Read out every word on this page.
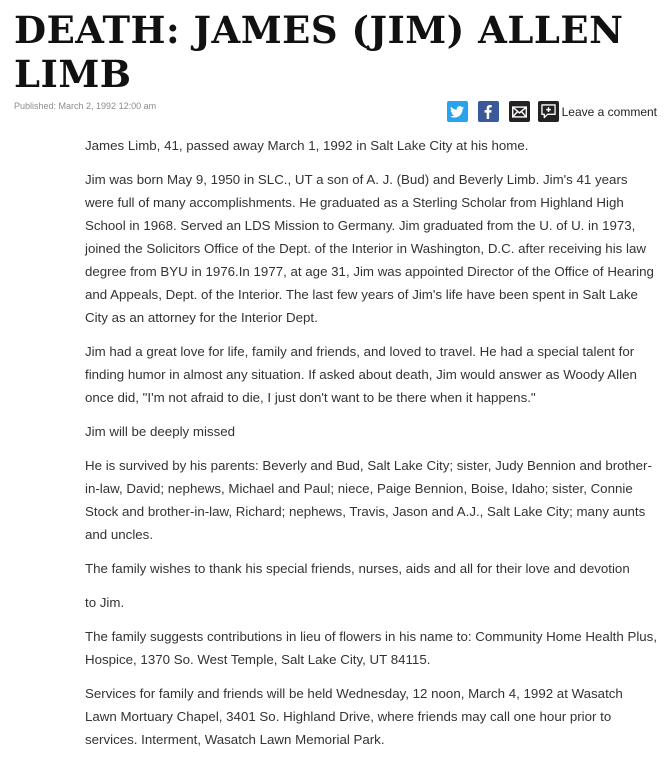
DEATH: JAMES (JIM) ALLEN LIMB
Published: March 2, 1992 12:00 am	Leave a comment

James Limb, 41, passed away March 1, 1992 in Salt Lake City at his home.

Jim was born May 9, 1950 in SLC., UT a son of A. J. (Bud) and Beverly Limb. Jim's 41 years were full of many accomplishments. He graduated as a Sterling Scholar from Highland High School in 1968. Served an LDS Mission to Germany. Jim graduated from the U. of U. in 1973, joined the Solicitors Office of the Dept. of the Interior in Washington, D.C. after receiving his law degree from BYU in 1976.In 1977, at age 31, Jim was appointed Director of the Office of Hearing and Appeals, Dept. of the Interior. The last few years of Jim's life have been spent in Salt Lake City as an attorney for the Interior Dept.

Jim had a great love for life, family and friends, and loved to travel. He had a special talent for finding humor in almost any situation. If asked about death, Jim would answer as Woody Allen once did, "I'm not afraid to die, I just don't want to be there when it happens."

Jim will be deeply missed

He is survived by his parents: Beverly and Bud, Salt Lake City; sister, Judy Bennion and brother-in-law, David; nephews, Michael and Paul; niece, Paige Bennion, Boise, Idaho; sister, Connie Stock and brother-in-law, Richard; nephews, Travis, Jason and A.J., Salt Lake City; many aunts and uncles.

The family wishes to thank his special friends, nurses, aids and all for their love and devotion

to Jim.

The family suggests contributions in lieu of flowers in his name to: Community Home Health Plus, Hospice, 1370 So. West Temple, Salt Lake City, UT 84115.

Services for family and friends will be held Wednesday, 12 noon, March 4, 1992 at Wasatch Lawn Mortuary Chapel, 3401 So. Highland Drive, where friends may call one hour prior to services. Interment, Wasatch Lawn Memorial Park.
